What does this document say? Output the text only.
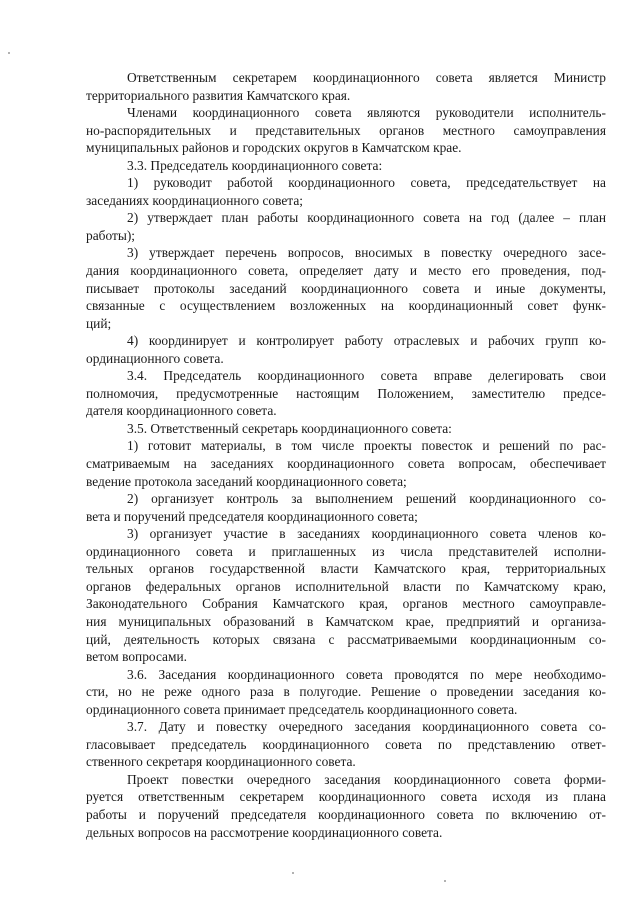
Ответственным секретарем координационного совета является Министр
территориального развития Камчатского края.
Членами координационного совета являются руководители исполнитель-
но-распорядительных и представительных органов местного самоуправления
муниципальных районов и городских округов в Камчатском крае.
3.3. Председатель координационного совета:
1) руководит работой координационного совета, председательствует на
заседаниях координационного совета;
2) утверждает план работы координационного совета на год (далее – план
работы);
3) утверждает перечень вопросов, вносимых в повестку очередного засе-
дания координационного совета, определяет дату и место его проведения, под-
писывает протоколы заседаний координационного совета и иные документы,
связанные с осуществлением возложенных на координационный совет функ-
ций;
4) координирует и контролирует работу отраслевых и рабочих групп ко-
ординационного совета.
3.4. Председатель координационного совета вправе делегировать свои
полномочия, предусмотренные настоящим Положением, заместителю предсе-
дателя координационного совета.
3.5. Ответственный секретарь координационного совета:
1) готовит материалы, в том числе проекты повесток и решений по рас-
сматриваемым на заседаниях координационного совета вопросам, обеспечивает
ведение протокола заседаний координационного совета;
2) организует контроль за выполнением решений координационного со-
вета и поручений председателя координационного совета;
3) организует участие в заседаниях координационного совета членов ко-
ординационного совета и приглашенных из числа представителей исполни-
тельных органов государственной власти Камчатского края, территориальных
органов федеральных органов исполнительной власти по Камчатскому краю,
Законодательного Собрания Камчатского края, органов местного самоуправле-
ния муниципальных образований в Камчатском крае, предприятий и организа-
ций, деятельность которых связана с рассматриваемыми координационным со-
ветом вопросами.
3.6. Заседания координационного совета проводятся по мере необходимо-
сти, но не реже одного раза в полугодие. Решение о проведении заседания ко-
ординационного совета принимает председатель координационного совета.
3.7. Дату и повестку очередного заседания координационного совета со-
гласовывает председатель координационного совета по представлению ответ-
ственного секретаря координационного совета.
Проект повестки очередного заседания координационного совета форми-
руется ответственным секретарем координационного совета исходя из плана
работы и поручений председателя координационного совета по включению от-
дельных вопросов на рассмотрение координационного совета.
